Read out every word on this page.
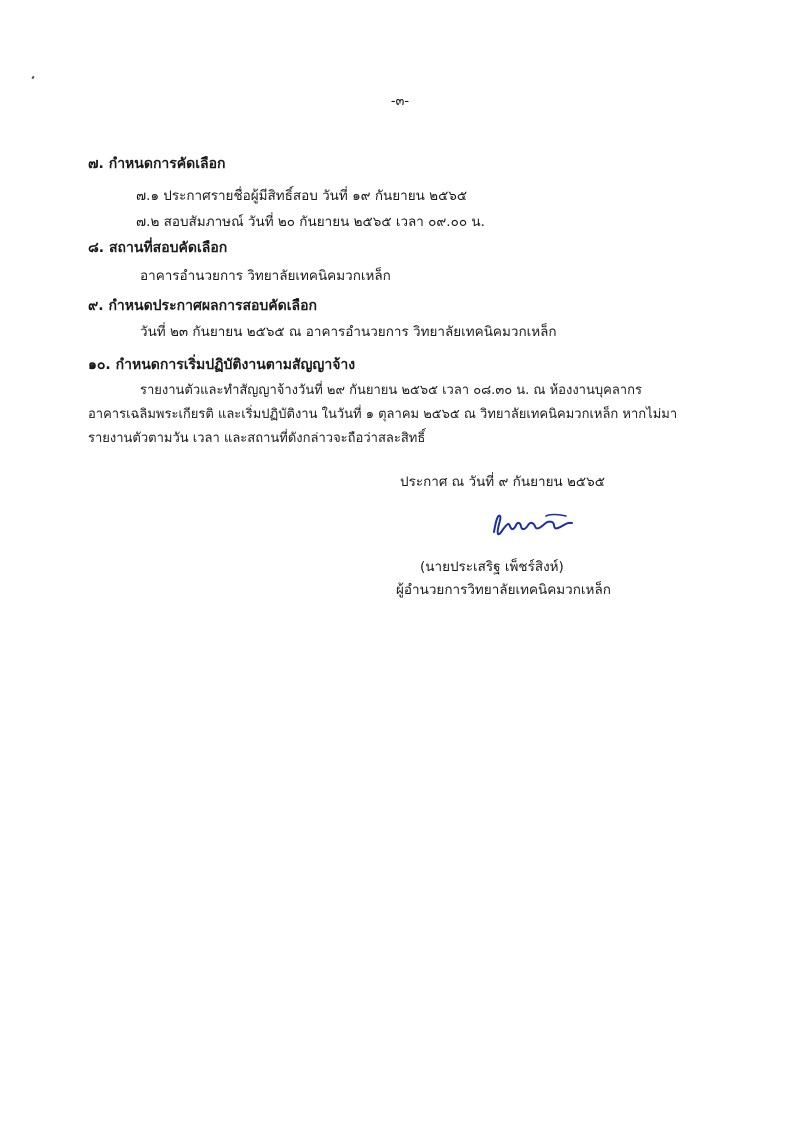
-๓-

๗. กำหนดการคัดเลือก

๗.๑ ประกาศรายชื่อผู้มีสิทธิ์สอบ วันที่ ๑๙ กันยายน ๒๕๖๕

๗.๒ สอบสัมภาษณ์ วันที่ ๒๐ กันยายน ๒๕๖๕ เวลา ๐๙.๐๐ น.

๘. สถานที่สอบคัดเลือก

อาคารอำนวยการ วิทยาลัยเทคนิคมวกเหล็ก

๙. กำหนดประกาศผลการสอบคัดเลือก

วันที่ ๒๓ กันยายน ๒๕๖๕ ณ อาคารอำนวยการ วิทยาลัยเทคนิคมวกเหล็ก

๑๐. กำหนดการเริ่มปฏิบัติงานตามสัญญาจ้าง

รายงานตัวและทำสัญญาจ้างวันที่ ๒๙ กันยายน ๒๕๖๕ เวลา ๐๘.๓๐ น. ณ ห้องงานบุคลากร

อาคารเฉลิมพระเกียรติ และเริ่มปฏิบัติงาน ในวันที่ ๑ ตุลาคม ๒๕๖๕ ณ วิทยาลัยเทคนิคมวกเหล็ก หากไม่มา

รายงานตัวตามวัน เวลา และสถานที่ดังกล่าวจะถือว่าสละสิทธิ์

ประกาศ ณ วันที่ ๙ กันยายน ๒๕๖๕
(นายประเสริฐ เพ็ชร์สิงห์)
ผู้อำนวยการวิทยาลัยเทคนิคมวกเหล็ก
